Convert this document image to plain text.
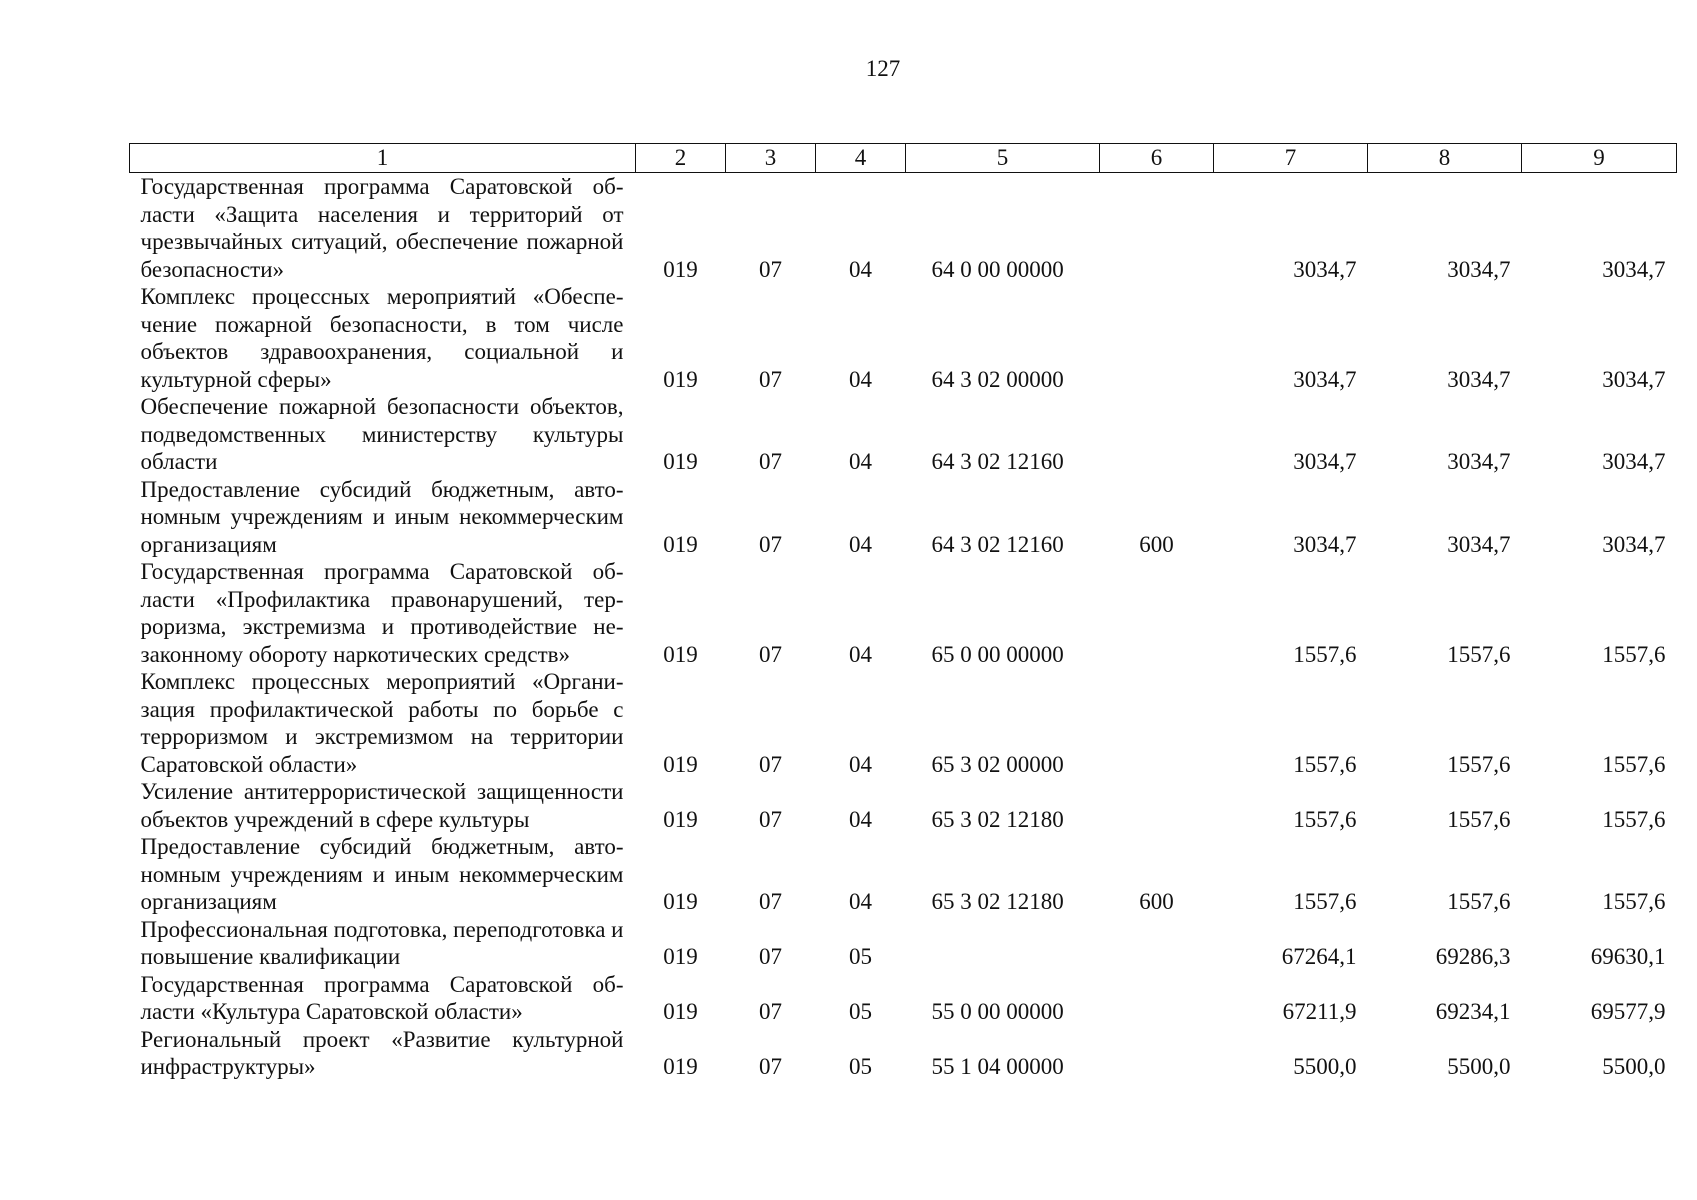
127
1	2	3	4	5	6	7	8	9
Государственная программа Саратовской области «Защита населения и территорий от чрезвычайных ситуаций, обеспечение пожарной безопасности»	019	07	04	64 0 00 00000		3034,7	3034,7	3034,7
Комплекс процессных мероприятий «Обеспечение пожарной безопасности, в том числе объектов здравоохранения, социальной и культурной сферы»	019	07	04	64 3 02 00000		3034,7	3034,7	3034,7
Обеспечение пожарной безопасности объектов, подведомственных министерству культуры области	019	07	04	64 3 02 12160		3034,7	3034,7	3034,7
Предоставление субсидий бюджетным, автономным учреждениям и иным некоммерческим организациям	019	07	04	64 3 02 12160	600	3034,7	3034,7	3034,7
Государственная программа Саратовской области «Профилактика правонарушений, терроризма, экстремизма и противодействие незаконному обороту наркотических средств»	019	07	04	65 0 00 00000		1557,6	1557,6	1557,6
Комплекс процессных мероприятий «Организация профилактической работы по борьбе с терроризмом и экстремизмом на территории Саратовской области»	019	07	04	65 3 02 00000		1557,6	1557,6	1557,6
Усиление антитеррористической защищенности объектов учреждений в сфере культуры	019	07	04	65 3 02 12180		1557,6	1557,6	1557,6
Предоставление субсидий бюджетным, автономным учреждениям и иным некоммерческим организациям	019	07	04	65 3 02 12180	600	1557,6	1557,6	1557,6
Профессиональная подготовка, переподготовка и повышение квалификации	019	07	05			67264,1	69286,3	69630,1
Государственная программа Саратовской области «Культура Саратовской области»	019	07	05	55 0 00 00000		67211,9	69234,1	69577,9
Региональный проект «Развитие культурной инфраструктуры»	019	07	05	55 1 04 00000		5500,0	5500,0	5500,0
